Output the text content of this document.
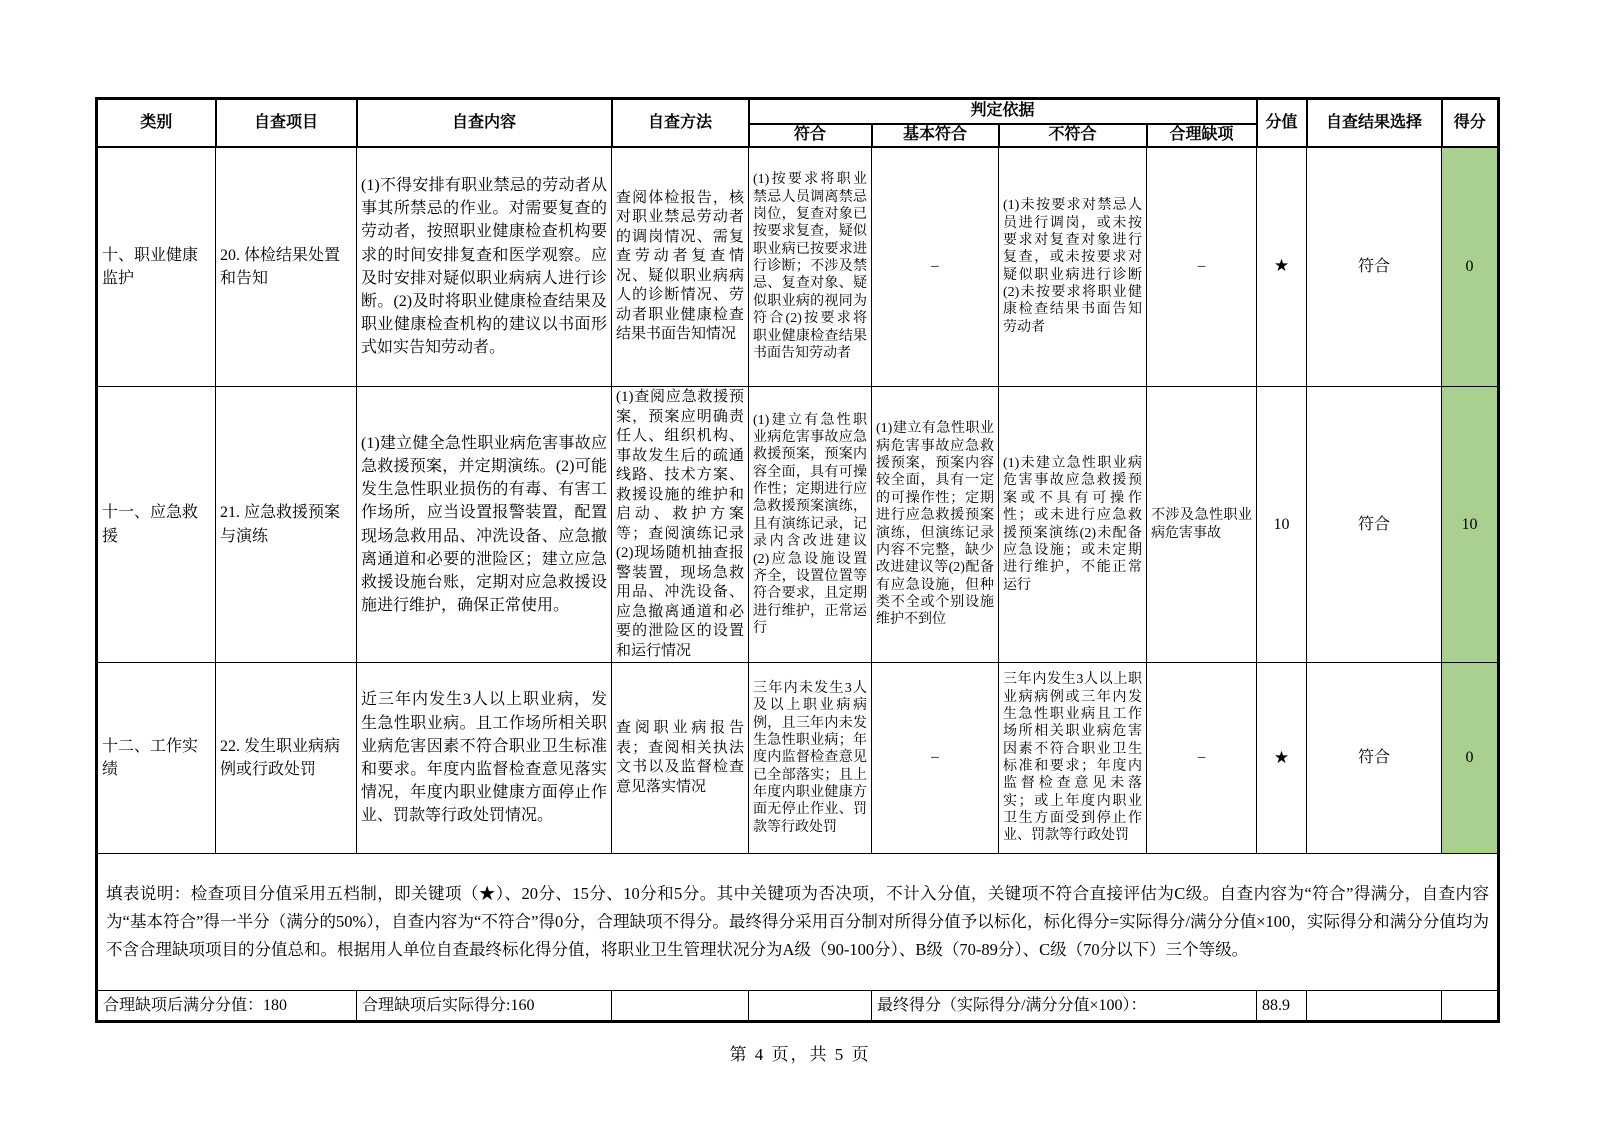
类别	自查项目	自查内容	自查方法	判定依据				分值	自查结果选择	得分
				符合	基本符合	不符合	合理缺项			
十、职业健康监护	20. 体检结果处置和告知	(1)不得安排有职业禁忌的劳动者从事其所禁忌的作业。对需要复查的劳动者，按照职业健康检查机构要求的时间安排复查和医学观察。应及时安排对疑似职业病病人进行诊断。(2)及时将职业健康检查结果及职业健康检查机构的建议以书面形式如实告知劳动者。	查阅体检报告，核对职业禁忌劳动者的调岗情况、需复查劳动者复查情况、疑似职业病病人的诊断情况、劳动者职业健康检查结果书面告知情况	(1)按要求将职业禁忌人员调离禁忌岗位，复查对象已按要求复查，疑似职业病已按要求进行诊断；不涉及禁忌、复查对象、疑似职业病的视同为符合(2)按要求将职业健康检查结果书面告知劳动者	–	(1)未按要求对禁忌人员进行调岗，或未按要求对复查对象进行复查，或未按要求对疑似职业病进行诊断(2)未按要求将职业健康检查结果书面告知劳动者	–	★	符合	0
十一、应急救援	21. 应急救援预案与演练	(1)建立健全急性职业病危害事故应急救援预案，并定期演练。(2)可能发生急性职业损伤的有毒、有害工作场所，应当设置报警装置，配置现场急救用品、冲洗设备、应急撤离通道和必要的泄险区；建立应急救援设施台账，定期对应急救援设施进行维护，确保正常使用。	(1)查阅应急救援预案，预案应明确责任人、组织机构、事故发生后的疏通线路、技术方案、救援设施的维护和启动、救护方案等；查阅演练记录(2)现场随机抽查报警装置，现场急救用品、冲洗设备、应急撤离通道和必要的泄险区的设置和运行情况	(1)建立有急性职业病危害事故应急救援预案，预案内容全面，具有可操作性；定期进行应急救援预案演练，且有演练记录，记录内含改进建议(2)应急设施设置齐全，设置位置等符合要求，且定期进行维护，正常运行	(1)建立有急性职业病危害事故应急救援预案，预案内容较全面，具有一定的可操作性；定期进行应急救援预案演练，但演练记录内容不完整，缺少改进建议等(2)配备有应急设施，但种类不全或个别设施维护不到位	(1)未建立急性职业病危害事故应急救援预案或不具有可操作性；或未进行应急救援预案演练(2)未配备应急设施；或未定期进行维护，不能正常运行	不涉及急性职业病危害事故	10	符合	10
十二、工作实绩	22. 发生职业病病例或行政处罚	近三年内发生3人以上职业病，发生急性职业病。且工作场所相关职业病危害因素不符合职业卫生标准和要求。年度内监督检查意见落实情况，年度内职业健康方面停止作业、罚款等行政处罚情况。	查阅职业病报告表；查阅相关执法文书以及监督检查意见落实情况	三年内未发生3人及以上职业病病例，且三年内未发生急性职业病；年度内监督检查意见已全部落实；且上年度内职业健康方面无停止作业、罚款等行政处罚	–	三年内发生3人以上职业病病例或三年内发生急性职业病且工作场所相关职业病危害因素不符合职业卫生标准和要求；年度内监督检查意见未落实；或上年度内职业卫生方面受到停止作业、罚款等行政处罚	–	★	符合	0
填表说明：检查项目分值采用五档制，即关键项（★）、20分、15分、10分和5分。其中关键项为否决项，不计入分值，关键项不符合直接评估为C级。自查内容为“符合”得满分，自查内容为“基本符合”得一半分（满分的50%），自查内容为“不符合”得0分，合理缺项不得分。最终得分采用百分制对所得分值予以标化，标化得分=实际得分/满分分值×100，实际得分和满分分值均为不含合理缺项项目的分值总和。根据用人单位自查最终标化得分值，将职业卫生管理状况分为A级（90-100分）、B级（70-89分）、C级（70分以下）三个等级。										
合理缺项后满分分值：180		合理缺项后实际得分:160			最终得分（实际得分/满分分值×100）：			88.9		
第 4 页，共 5 页
